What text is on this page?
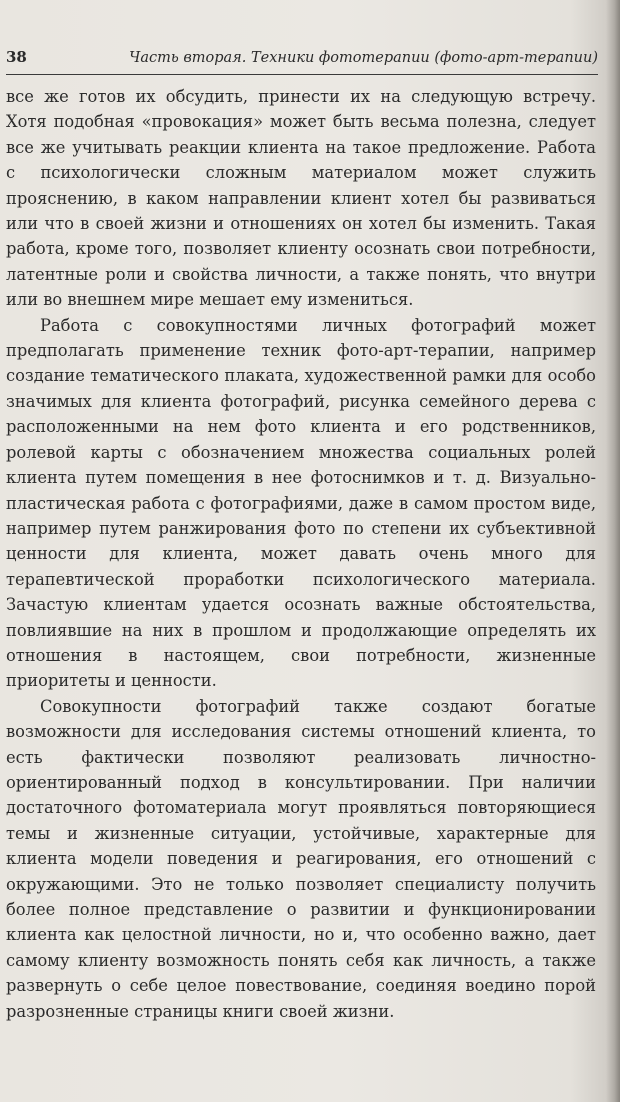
38	Часть вторая. Техники фототерапии (фото-арт-терапии)

все же готов их обсудить, принести их на следующую встречу. Хотя подобная «провокация» может быть весьма полезна, следует все же учитывать реакции клиента на такое предложение. Работа с психологически сложным материалом может служить прояснению, в каком направлении клиент хотел бы развиваться или что в своей жизни и отношениях он хотел бы изменить. Такая работа, кроме того, позволяет клиенту осознать свои потребности, латентные роли и свойства личности, а также понять, что внутри или во внешнем мире мешает ему измениться.

Работа с совокупностями личных фотографий может предполагать применение техник фото-арт-терапии, например создание тематического плаката, художественной рамки для особо значимых для клиента фотографий, рисунка семейного дерева с расположенными на нем фото клиента и его родственников, ролевой карты с обозначением множества социальных ролей клиента путем помещения в нее фотоснимков и т. д. Визуально-пластическая работа с фотографиями, даже в самом простом виде, например путем ранжирования фото по степени их субъективной ценности для клиента, может давать очень много для терапевтической проработки психологического материала. Зачастую клиентам удается осознать важные обстоятельства, повлиявшие на них в прошлом и продолжающие определять их отношения в настоящем, свои потребности, жизненные приоритеты и ценности.

Совокупности фотографий также создают богатые возможности для исследования системы отношений клиента, то есть фактически позволяют реализовать личностно-ориентированный подход в консультировании. При наличии достаточного фотоматериала могут проявляться повторяющиеся темы и жизненные ситуации, устойчивые, характерные для клиента модели поведения и реагирования, его отношений с окружающими. Это не только позволяет специалисту получить более полное представление о развитии и функционировании клиента как целостной личности, но и, что особенно важно, дает самому клиенту возможность понять себя как личность, а также развернуть о себе целое повествование, соединяя воедино порой разрозненные страницы книги своей жизни.
